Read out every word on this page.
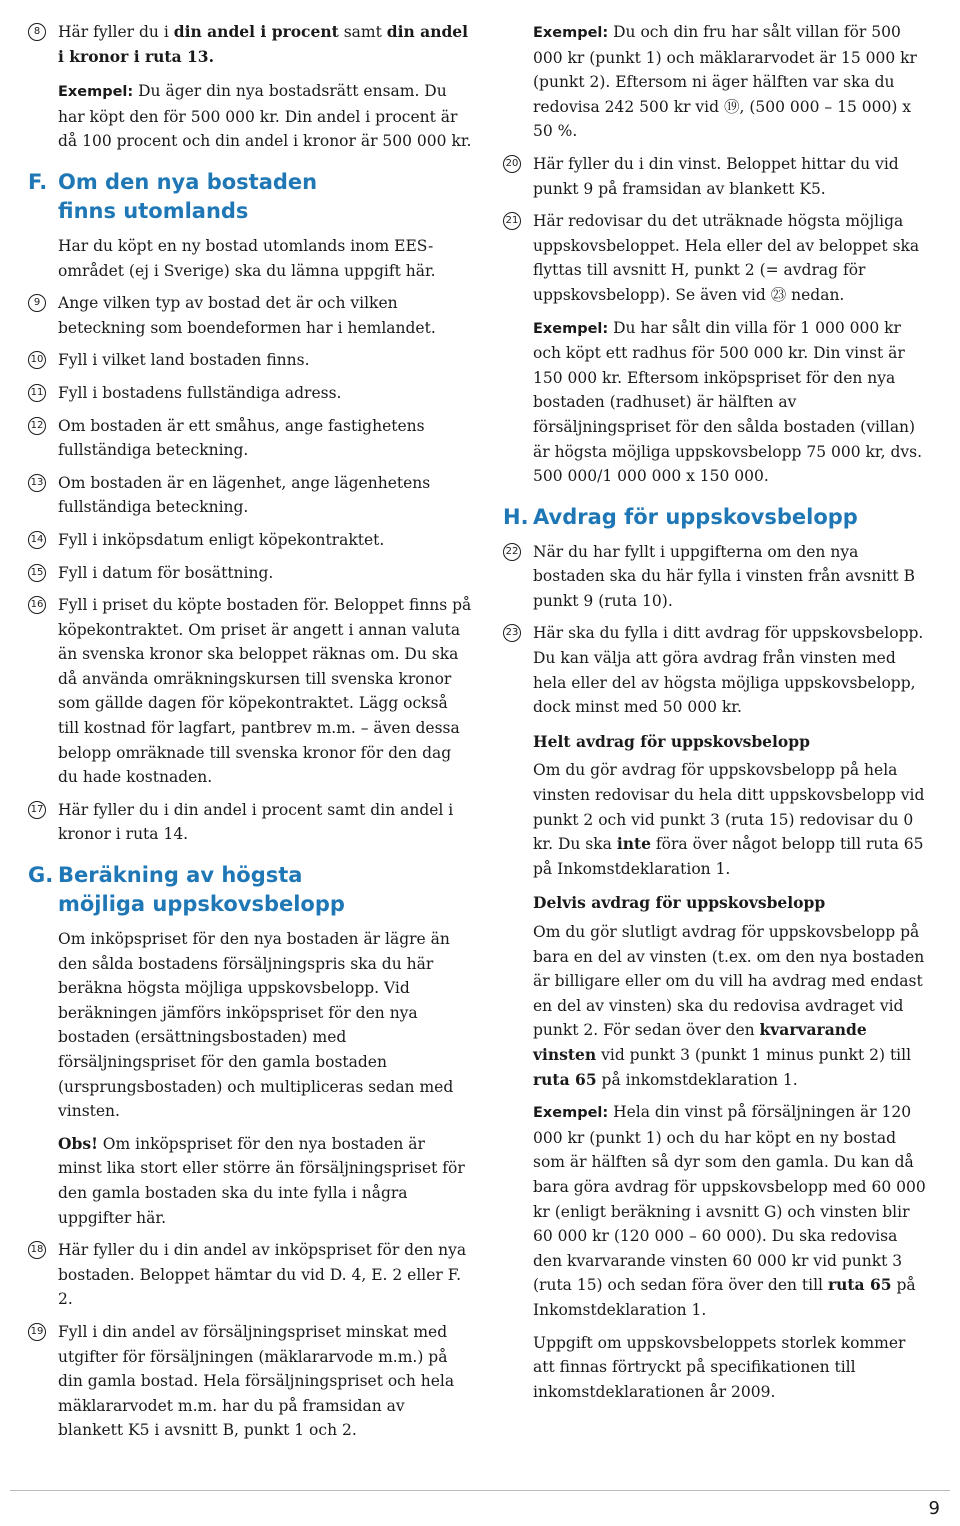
8	Här fyller du i din andel i procent samt din andel i kronor i ruta 13.

Exempel: Du äger din nya bostadsrätt ensam. Du har köpt den för 500 000 kr. Din andel i procent är då 100 procent och din andel i kronor är 500 000 kr.

F. Om den nya bostaden
finns utomlands

Har du köpt en ny bostad utomlands inom EES-området (ej i Sverige) ska du lämna uppgift här.

9	Ange vilken typ av bostad det är och vilken beteckning som boendeformen har i hemlandet.

10 Fyll i vilket land bostaden finns.

11 Fyll i bostadens fullständiga adress.

12 Om bostaden är ett småhus, ange fastighetens fullständiga beteckning.

13 Om bostaden är en lägenhet, ange lägenhetens fullständiga beteckning.

14 Fyll i inköpsdatum enligt köpekontraktet.

15 Fyll i datum för bosättning.

16 Fyll i priset du köpte bostaden för. Beloppet finns på köpekontraktet. Om priset är angett i annan valuta än svenska kronor ska beloppet räknas om. Du ska då använda omräkningskursen till svenska kronor som gällde dagen för köpekontraktet. Lägg också till kostnad för lagfart, pantbrev m.m. – även dessa belopp omräknade till svenska kronor för den dag du hade kostnaden.

17 Här fyller du i din andel i procent samt din andel i kronor i ruta 14.

G. Beräkning av högsta
möjliga uppskovsbelopp

Om inköpspriset för den nya bostaden är lägre än den sålda bostadens försäljningspris ska du här beräkna högsta möjliga uppskovsbelopp. Vid beräkningen jämförs inköpspriset för den nya bostaden (ersättningsbostaden) med försäljningspriset för den gamla bostaden (ursprungsbostaden) och multipliceras sedan med vinsten.

Obs! Om inköpspriset för den nya bostaden är minst lika stort eller större än försäljningspriset för den gamla bostaden ska du inte fylla i några uppgifter här.

18 Här fyller du i din andel av inköpspriset för den nya bostaden. Beloppet hämtar du vid D. 4, E. 2 eller F. 2.

19 Fyll i din andel av försäljningspriset minskat med utgifter för försäljningen (mäklararvode m.m.) på din gamla bostad. Hela försäljningspriset och hela mäklararvodet m.m. har du på framsidan av blankett K5 i avsnitt B, punkt 1 och 2.

Exempel: Du och din fru har sålt villan för 500 000 kr (punkt 1) och mäklararvodet är 15 000 kr (punkt 2). Eftersom ni äger hälften var ska du redovisa 242 500 kr vid ⑲, (500 000 – 15 000) x 50 %.

20 Här fyller du i din vinst. Beloppet hittar du vid punkt 9 på framsidan av blankett K5.

21 Här redovisar du det uträknade högsta möjliga uppskovsbeloppet. Hela eller del av beloppet ska flyttas till avsnitt H, punkt 2 (= avdrag för uppskovsbelopp). Se även vid ㉓ nedan.

Exempel: Du har sålt din villa för 1 000 000 kr och köpt ett radhus för 500 000 kr. Din vinst är 150 000 kr. Eftersom inköpspriset för den nya bostaden (radhuset) är hälften av försäljningspriset för den sålda bostaden (villan) är högsta möjliga uppskovsbelopp 75 000 kr, dvs. 500 000/1 000 000 x 150 000.

H. Avdrag för uppskovsbelopp
22 När du har fyllt i uppgifterna om den nya bostaden ska du här fylla i vinsten från avsnitt B punkt 9 (ruta 10).

23 Här ska du fylla i ditt avdrag för uppskovsbelopp. Du kan välja att göra avdrag från vinsten med hela eller del av högsta möjliga uppskovsbelopp, dock minst med 50 000 kr.

Helt avdrag för uppskovsbelopp

Om du gör avdrag för uppskovsbelopp på hela vinsten redovisar du hela ditt uppskovsbelopp vid punkt 2 och vid punkt 3 (ruta 15) redovisar du 0 kr. Du ska inte föra över något belopp till ruta 65 på Inkomstdeklaration 1.

Delvis avdrag för uppskovsbelopp

Om du gör slutligt avdrag för uppskovsbelopp på bara en del av vinsten (t.ex. om den nya bostaden är billigare eller om du vill ha avdrag med endast en del av vinsten) ska du redovisa avdraget vid punkt 2. För sedan över den kvarvarande vinsten vid punkt 3 (punkt 1 minus punkt 2) till ruta 65 på inkomstdeklaration 1.

Exempel: Hela din vinst på försäljningen är 120 000 kr (punkt 1) och du har köpt en ny bostad som är hälften så dyr som den gamla. Du kan då bara göra avdrag för uppskovsbelopp med 60 000 kr (enligt beräkning i avsnitt G) och vinsten blir 60 000 kr (120 000 – 60 000). Du ska redovisa den kvarvarande vinsten 60 000 kr vid punkt 3 (ruta 15) och sedan föra över den till ruta 65 på Inkomstdeklaration 1.

Uppgift om uppskovsbeloppets storlek kommer att finnas förtryckt på specifikationen till inkomstdeklarationen år 2009.

9
